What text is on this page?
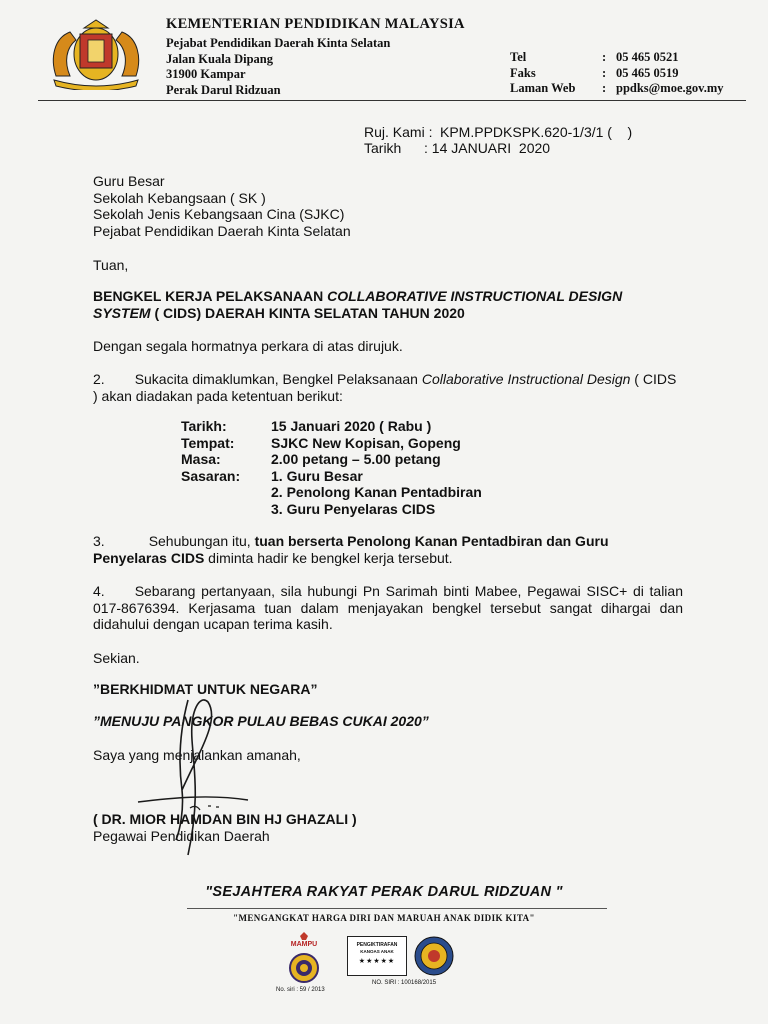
KEMENTERIAN PENDIDIKAN MALAYSIA
Pejabat Pendidikan Daerah Kinta Selatan
Jalan Kuala Dipang
31900 Kampar
Perak Darul Ridzuan
Tel	: 05 465 0521
Faks	: 05 465 0519
Laman Web	: ppdks@moe.gov.my
Ruj. Kami : KPM.PPDKSPK.620-1/3/1 (    )
Tarikh	: 14 JANUARI  2020
Guru Besar
Sekolah Kebangsaan ( SK )
Sekolah Jenis Kebangsaan Cina (SJKC)
Pejabat Pendidikan Daerah Kinta Selatan
Tuan,
BENGKEL KERJA PELAKSANAAN COLLABORATIVE INSTRUCTIONAL DESIGN SYSTEM ( CIDS) DAERAH KINTA SELATAN TAHUN 2020
Dengan segala hormatnya perkara di atas dirujuk.
2. Sukacita dimaklumkan, Bengkel Pelaksanaan Collaborative Instructional Design ( CIDS ) akan diadakan pada ketentuan berikut:
Tarikh:	15 Januari 2020 ( Rabu )
Tempat:	SJKC New Kopisan, Gopeng
Masa:	2.00 petang – 5.00 petang
Sasaran:	1. Guru Besar
2. Penolong Kanan Pentadbiran
3. Guru Penyelaras CIDS
3.	Sehubungan itu, tuan berserta Penolong Kanan Pentadbiran dan Guru Penyelaras CIDS diminta hadir ke bengkel kerja tersebut.
4. Sebarang pertanyaan, sila hubungi Pn Sarimah binti Mabee, Pegawai SISC+ di talian 017-8676394. Kerjasama tuan dalam menjayakan bengkel tersebut sangat dihargai dan didahului dengan ucapan terima kasih.
Sekian.
”BERKHIDMAT UNTUK NEGARA”
”MENUJU PANGKOR PULAU BEBAS CUKAI 2020”
Saya yang menjalankan amanah,
( DR. MIOR HAMDAN BIN HJ GHAZALI )
Pegawai Pendidikan Daerah
"SEJAHTERA RAKYAT PERAK DARUL RIDZUAN "
"MENGANGKAT HARGA DIRI DAN MARUAH ANAK DIDIK KITA"
MAMPU
No. siri : 59 / 2013
PENGIKTIRAFAN
KANOAS ANAK
★★★★★
NO. SIRI : 100168/2015
